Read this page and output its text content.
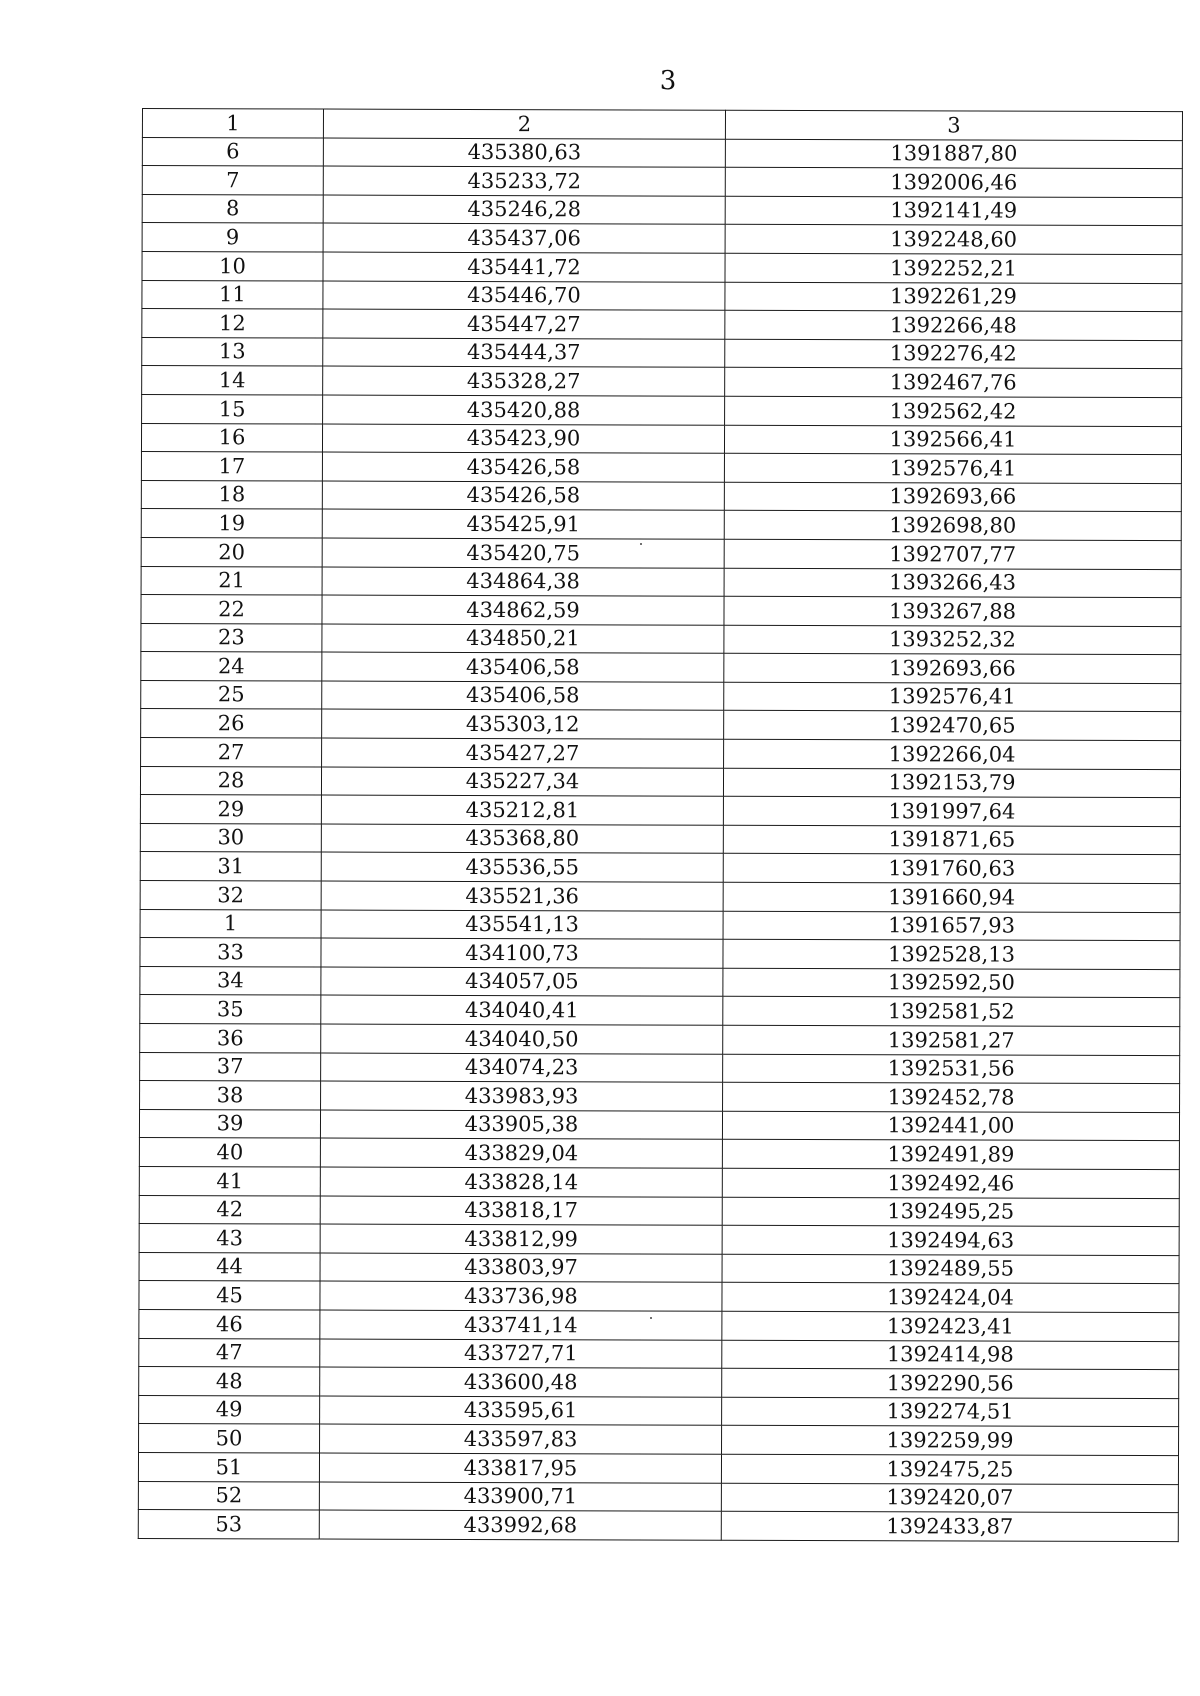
3
1	2	3
6	435380,63	1391887,80
7	435233,72	1392006,46
8	435246,28	1392141,49
9	435437,06	1392248,60
10	435441,72	1392252,21
11	435446,70	1392261,29
12	435447,27	1392266,48
13	435444,37	1392276,42
14	435328,27	1392467,76
15	435420,88	1392562,42
16	435423,90	1392566,41
17	435426,58	1392576,41
18	435426,58	1392693,66
19	435425,91	1392698,80
20	435420,75	1392707,77
21	434864,38	1393266,43
22	434862,59	1393267,88
23	434850,21	1393252,32
24	435406,58	1392693,66
25	435406,58	1392576,41
26	435303,12	1392470,65
27	435427,27	1392266,04
28	435227,34	1392153,79
29	435212,81	1391997,64
30	435368,80	1391871,65
31	435536,55	1391760,63
32	435521,36	1391660,94
1	435541,13	1391657,93
33	434100,73	1392528,13
34	434057,05	1392592,50
35	434040,41	1392581,52
36	434040,50	1392581,27
37	434074,23	1392531,56
38	433983,93	1392452,78
39	433905,38	1392441,00
40	433829,04	1392491,89
41	433828,14	1392492,46
42	433818,17	1392495,25
43	433812,99	1392494,63
44	433803,97	1392489,55
45	433736,98	1392424,04
46	433741,14	1392423,41
47	433727,71	1392414,98
48	433600,48	1392290,56
49	433595,61	1392274,51
50	433597,83	1392259,99
51	433817,95	1392475,25
52	433900,71	1392420,07
53	433992,68	1392433,87
